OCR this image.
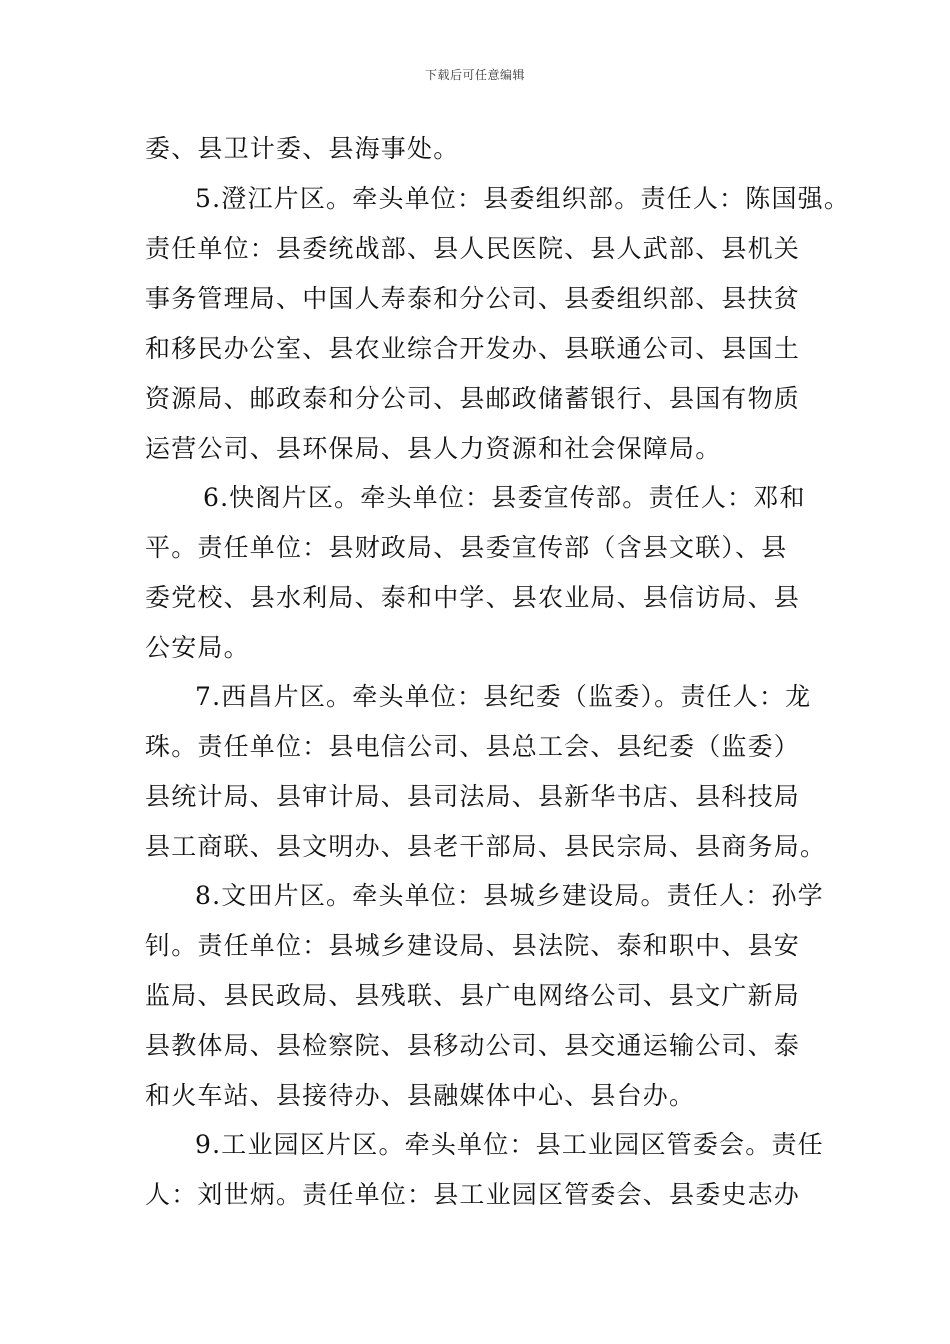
下载后可任意编辑
委、县卫计委、县海事处。
5.澄江片区。牵头单位：县委组织部。责任人：陈国强。
责任单位：县委统战部、县人民医院、县人武部、县机关
事务管理局、中国人寿泰和分公司、县委组织部、县扶贫
和移民办公室、县农业综合开发办、县联通公司、县国土
资源局、邮政泰和分公司、县邮政储蓄银行、县国有物质
运营公司、县环保局、县人力资源和社会保障局。
6.快阁片区。牵头单位：县委宣传部。责任人：邓和
平。责任单位：县财政局、县委宣传部（含县文联）、县
委党校、县水利局、泰和中学、县农业局、县信访局、县
公安局。
7.西昌片区。牵头单位：县纪委（监委）。责任人：龙
珠。责任单位：县电信公司、县总工会、县纪委（监委）
县统计局、县审计局、县司法局、县新华书店、县科技局
县工商联、县文明办、县老干部局、县民宗局、县商务局。
8.文田片区。牵头单位：县城乡建设局。责任人：孙学
钊。责任单位：县城乡建设局、县法院、泰和职中、县安
监局、县民政局、县残联、县广电网络公司、县文广新局
县教体局、县检察院、县移动公司、县交通运输公司、泰
和火车站、县接待办、县融媒体中心、县台办。
9.工业园区片区。牵头单位：县工业园区管委会。责任
人：刘世炳。责任单位：县工业园区管委会、县委史志办
